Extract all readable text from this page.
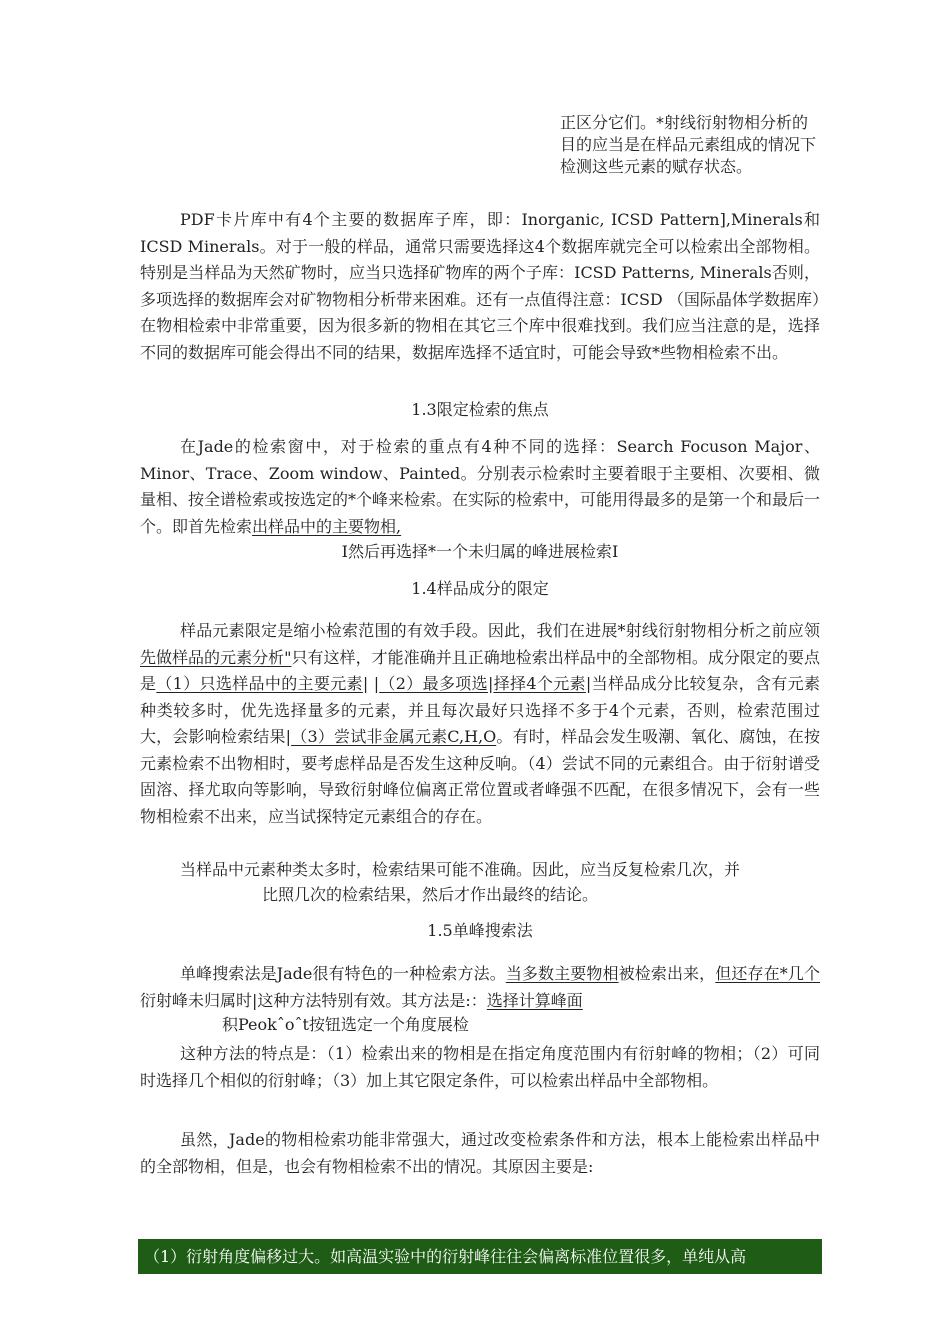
正区分它们。*射线衍射物相分析的目的应当是在样品元素组成的情况下检测这些元素的赋存状态。
PDF卡片库中有4个主要的数据库子库，即：Inorganic, ICSD Pattern],Minerals和ICSD Minerals。对于一般的样品，通常只需要选择这4个数据库就完全可以检索出全部物相。特别是当样品为天然矿物时，应当只选择矿物库的两个子库：ICSD Patterns, Minerals否则，多项选择的数据库会对矿物物相分析带来困难。还有一点值得注意：ICSD （国际晶体学数据库）在物相检索中非常重要，因为很多新的物相在其它三个库中很难找到。我们应当注意的是，选择不同的数据库可能会得出不同的结果，数据库选择不适宜时，可能会导致*些物相检索不出。
1.3限定检索的焦点
在Jade的检索窗中，对于检索的重点有4种不同的选择：Search Focuson Major、Minor、Trace、Zoom window、Painted。分别表示检索时主要着眼于主要相、次要相、微量相、按全谱检索或按选定的*个峰来检索。在实际的检索中，可能用得最多的是第一个和最后一个。即首先检索出样品中的主要物相,
I然后再选择*一个未归属的峰进展检索I
1.4样品成分的限定
样品元素限定是缩小检索范围的有效手段。因此，我们在进展*射线衍射物相分析之前应领先做样品的元素分析"只有这样，才能准确并且正确地检索出样品中的全部物相。成分限定的要点是（1）只选样品中的主要元素| |（2）最多项选|择择4个元素|当样品成分比较复杂，含有元素种类较多时，优先选择量多的元素，并且每次最好只选择不多于4个元素，否则，检索范围过大，会影响检索结果|（3）尝试非金属元素C,H,O。有时，样品会发生吸潮、氧化、腐蚀，在按元素检索不出物相时，要考虑样品是否发生这种反响。（4）尝试不同的元素组合。由于衍射谱受固溶、择尤取向等影响，导致衍射峰位偏离正常位置或者峰强不匹配，在很多情况下，会有一些物相检索不出来，应当试探特定元素组合的存在。
当样品中元素种类太多时，检索结果可能不准确。因此，应当反复检索几次，并
比照几次的检索结果，然后才作出最终的结论。
1.5单峰搜索法
单峰搜索法是Jade很有特色的一种检索方法。当多数主要物相被检索出来，但还存在*几个衍射峰未归属时|这种方法特别有效。其方法是:：选择计算峰面
积Peokˆoˆt按钮选定一个角度展检
这种方法的特点是：（1）检索出来的物相是在指定角度范围内有衍射峰的物相；（2）可同时选择几个相似的衍射峰；（3）加上其它限定条件，可以检索出样品中全部物相。
虽然，Jade的物相检索功能非常强大，通过改变检索条件和方法，根本上能检索出样品中的全部物相，但是，也会有物相检索不出的情况。其原因主要是:
（1）衍射角度偏移过大。如高温实验中的衍射峰往往会偏离标准位置很多，单纯从高
